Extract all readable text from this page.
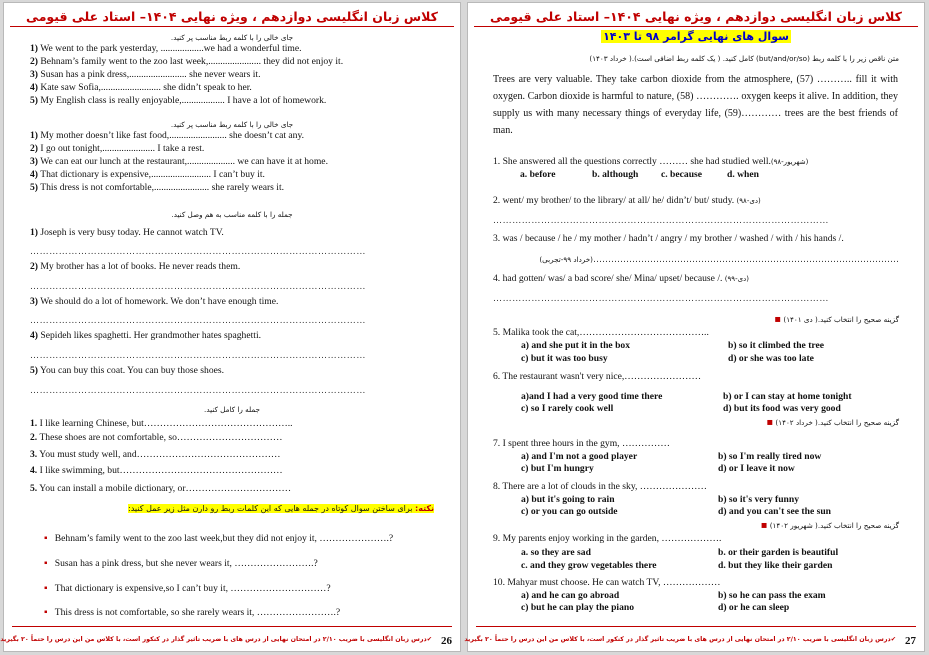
کلاس زبان انگلیسی دوازدهم ، ویژه نهایی ۱۴۰۴– استاد علی قیومی
جای خالی را با کلمه ربط مناسب پر کنید.
1) We went to the park yesterday, ..................we had a wonderful time.
2) Behnam’s family went to the zoo last week,...................... they did not enjoy it.
3) Susan has a pink dress,........................ she never wears it.
4) Kate saw Sofia,......................... she didn’t speak to her.
5) My English class is really enjoyable,.................. I have a lot of homework.
جای خالی را با کلمه ربط مناسب پر کنید.
1) My mother doesn’t like fast food,........................ she doesn’t cat any.
2) I go out tonight,...................... I take a rest.
3) We can eat our lunch at the restaurant,.................... we can have it at home.
4) That dictionary is expensive,......................... I can’t buy it.
5) This dress is not comfortable,....................... she rarely wears it.
جمله را با کلمه مناسب به هم وصل کنید.
1) Joseph is very busy today. He cannot watch TV.
……………………………………………………………………………………………
2) My brother has a lot of books. He never reads them.
……………………………………………………………………………………………
3) We should do a lot of homework. We don’t have enough time.
……………………………………………………………………………………………
4) Sepideh likes spaghetti. Her grandmother hates spaghetti.
……………………………………………………………………………………………
5) You can buy this coat. You can buy those shoes.
……………………………………………………………………………………………
جمله را کامل کنید.
1. I like learning Chinese, but………………………………………..
2. These shoes are not comfortable, so……………………………
3. You must study well, and………………………………………
4. I like swimming, but……………………………………………
5. You can install a mobile dictionary, or……………………………
نکته: برای ساختن سوال کوتاه در جمله هایی که این کلمات ربط رو دارن مثل زیر عمل کنید:
▪ Behnam’s family went to the zoo last week,but they did not enjoy it, ………………….?
▪ Susan has a pink dress, but she never wears it, …………………….?
▪ That dictionary is expensive,so I can’t buy it, …………………………?
▪ This dress is not comfortable, so she rarely wears it, …………………….?
✔درس زبان انگلیسی با ضریب ۲/۱۰ در امتحان نهایی از درس های با ضریب تاثیر گذار در کنکور است، با کلاس من این درس را حتماً ۲۰ بگیرید 26
کلاس زبان انگلیسی دوازدهم ، ویژه نهایی ۱۴۰۴– استاد علی قیومی
سوال های نهایی گرامر ۹۸ تا ۱۴۰۳
متن ناقص زیر را با کلمه ربط (but/and/or/so) کامل کنید. ( یک کلمه ربط اضافی است).( خرداد ۱۴۰۳)
Trees are very valuable. They take carbon dioxide from the atmosphere, (57) ……….. fill it with oxygen. Carbon dioxide is harmful to nature, (58) …………. oxygen keeps it alive. In addition, they supply us with many necessary things of everyday life, (59)………… trees are the best friends of man.
1. She answered all the questions correctly ……… she had studied well.(شهریور-۹۸)
a. before	b. although c. because	d. when
2. went/ my brother/ to the library/ at all/ he/ didn’t/ but/ study. (دی-۹۸)
……………………………………………………………………………………………
3. was / because / he / my mother / hadn’t / angry / my brother / washed / with / his hands /.
…………………………………………………………………………………………(خرداد ۹۹-تجربی)
4. had gotten/ was/ a bad score/ she/ Mina/ upset/ because /. (دی-۹۹)
……………………………………………………………………………………………
گزینه صحیح را انتخاب کنید.( دی ۱۴۰۱) ▪
5. Malika took the cat,…………………………………..
a) and she put it in the box	b) so it climbed the tree
c) but it was too busy	d) or she was too late
6. The restaurant wasn't very nice,……………………
a)and I had a very good time there	b) or I can stay at home tonight
c) so I rarely cook well	d) but its food was very good
گزینه صحیح را انتخاب کنید.( خرداد ۱۴۰۲) ▪
7. I spent three hours in the gym, ……………
a) and I'm not a good player	b) so I'm really tired now
c) but I'm hungry	d) or I leave it now
8. There are a lot of clouds in the sky, …………………
a) but it's going to rain	b) so it's very funny
c) or you can go outside	d) and you can't see the sun
گزینه صحیح را انتخاب کنید.( شهریور ۱۴۰۲) ▪
9. My parents enjoy working in the garden, ……………….
a. so they are sad	b. or their garden is beautiful
c. and they grow vegetables there	d. but they like their garden
10. Mahyar must choose. He can watch TV, ………………
a) and he can go abroad	b) so he can pass the exam
c) but he can play the piano	d) or he can sleep
✔درس زبان انگلیسی با ضریب ۲/۱۰ در امتحان نهایی از درس های با ضریب تاثیر گذار در کنکور است، با کلاس من این درس را حتماً ۲۰ بگیرید 27
